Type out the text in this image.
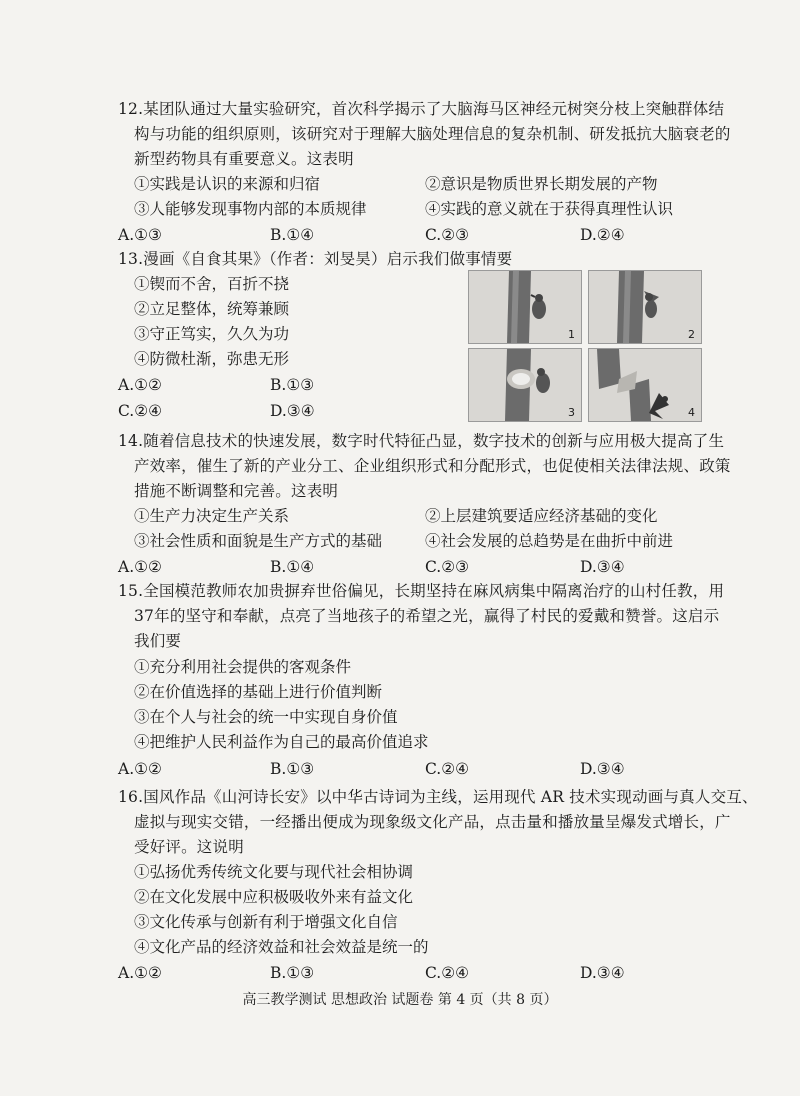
12.某团队通过大量实验研究，首次科学揭示了大脑海马区神经元树突分枝上突触群体结
构与功能的组织原则，该研究对于理解大脑处理信息的复杂机制、研发抵抗大脑衰老的
新型药物具有重要意义。这表明
①实践是认识的来源和归宿	②意识是物质世界长期发展的产物
③人能够发现事物内部的本质规律	④实践的意义就在于获得真理性认识
A.①③	B.①④	C.②③	D.②④
13.漫画《自食其果》（作者：刘旻昊）启示我们做事情要
①锲而不舍，百折不挠
②立足整体，统筹兼顾
③守正笃实，久久为功
④防微杜渐，弥患无形
A.①②	B.①③
C.②④	D.③④
1	2
3	4
14.随着信息技术的快速发展，数字时代特征凸显，数字技术的创新与应用极大提高了生
产效率，催生了新的产业分工、企业组织形式和分配形式，也促使相关法律法规、政策
措施不断调整和完善。这表明
①生产力决定生产关系	②上层建筑要适应经济基础的变化
③社会性质和面貌是生产方式的基础	④社会发展的总趋势是在曲折中前进
A.①②	B.①④	C.②③	D.③④
15.全国模范教师农加贵摒弃世俗偏见，长期坚持在麻风病集中隔离治疗的山村任教，用
37年的坚守和奉献，点亮了当地孩子的希望之光，赢得了村民的爱戴和赞誉。这启示
我们要
①充分利用社会提供的客观条件
②在价值选择的基础上进行价值判断
③在个人与社会的统一中实现自身价值
④把维护人民利益作为自己的最高价值追求
A.①②	B.①③	C.②④	D.③④
16.国风作品《山河诗长安》以中华古诗词为主线，运用现代 AR 技术实现动画与真人交互、
虚拟与现实交错，一经播出便成为现象级文化产品，点击量和播放量呈爆发式增长，广
受好评。这说明
①弘扬优秀传统文化要与现代社会相协调
②在文化发展中应积极吸收外来有益文化
③文化传承与创新有利于增强文化自信
④文化产品的经济效益和社会效益是统一的
A.①②	B.①③	C.②④	D.③④
高三教学测试 思想政治 试题卷 第 4 页（共 8 页）
